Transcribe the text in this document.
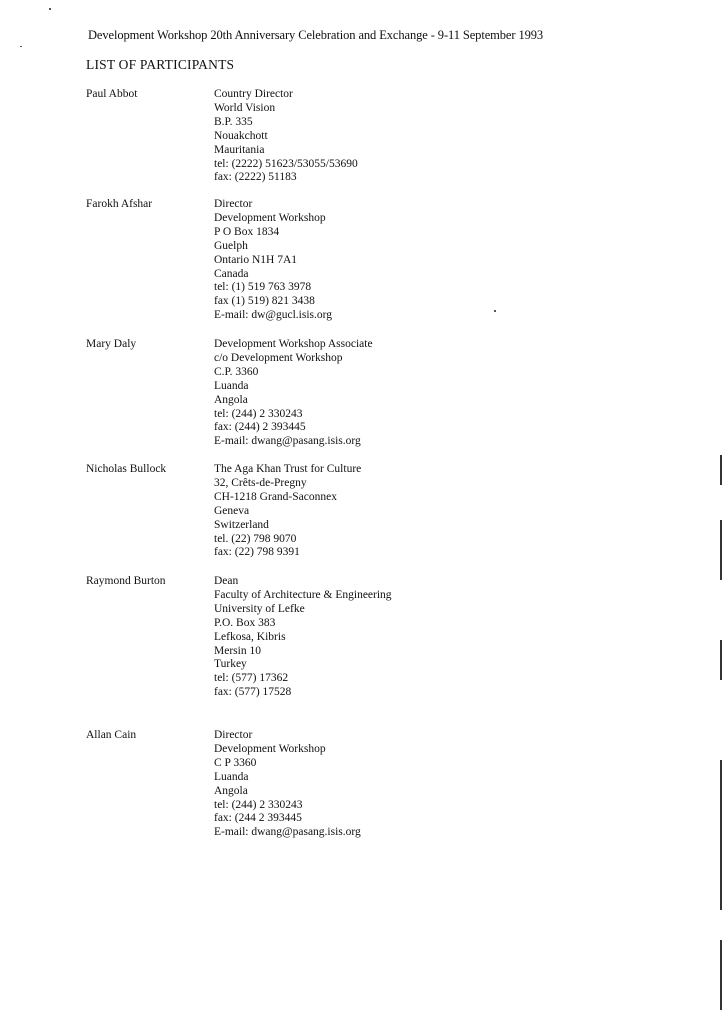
Development Workshop 20th Anniversary Celebration and Exchange - 9-11 September 1993
LIST OF PARTICIPANTS
Paul Abbot	Country Director
World Vision
B.P. 335
Nouakchott
Mauritania
tel: (2222) 51623/53055/53690
fax: (2222) 51183
Farokh Afshar	Director
Development Workshop
P O Box 1834
Guelph
Ontario N1H 7A1
Canada
tel: (1) 519 763 3978
fax (1) 519) 821 3438
E-mail: dw@gucl.isis.org
Mary Daly	Development Workshop Associate
c/o Development Workshop
C.P. 3360
Luanda
Angola
tel: (244) 2 330243
fax: (244) 2 393445
E-mail: dwang@pasang.isis.org
Nicholas Bullock	The Aga Khan Trust for Culture
32, Crêts-de-Pregny
CH-1218 Grand-Saconnex
Geneva
Switzerland
tel. (22) 798 9070
fax: (22) 798 9391
Raymond Burton	Dean
Faculty of Architecture & Engineering
University of Lefke
P.O. Box 383
Lefkosa, Kibris
Mersin 10
Turkey
tel: (577) 17362
fax: (577) 17528
Allan Cain	Director
Development Workshop
C P 3360
Luanda
Angola
tel: (244) 2 330243
fax: (244 2 393445
E-mail: dwang@pasang.isis.org
